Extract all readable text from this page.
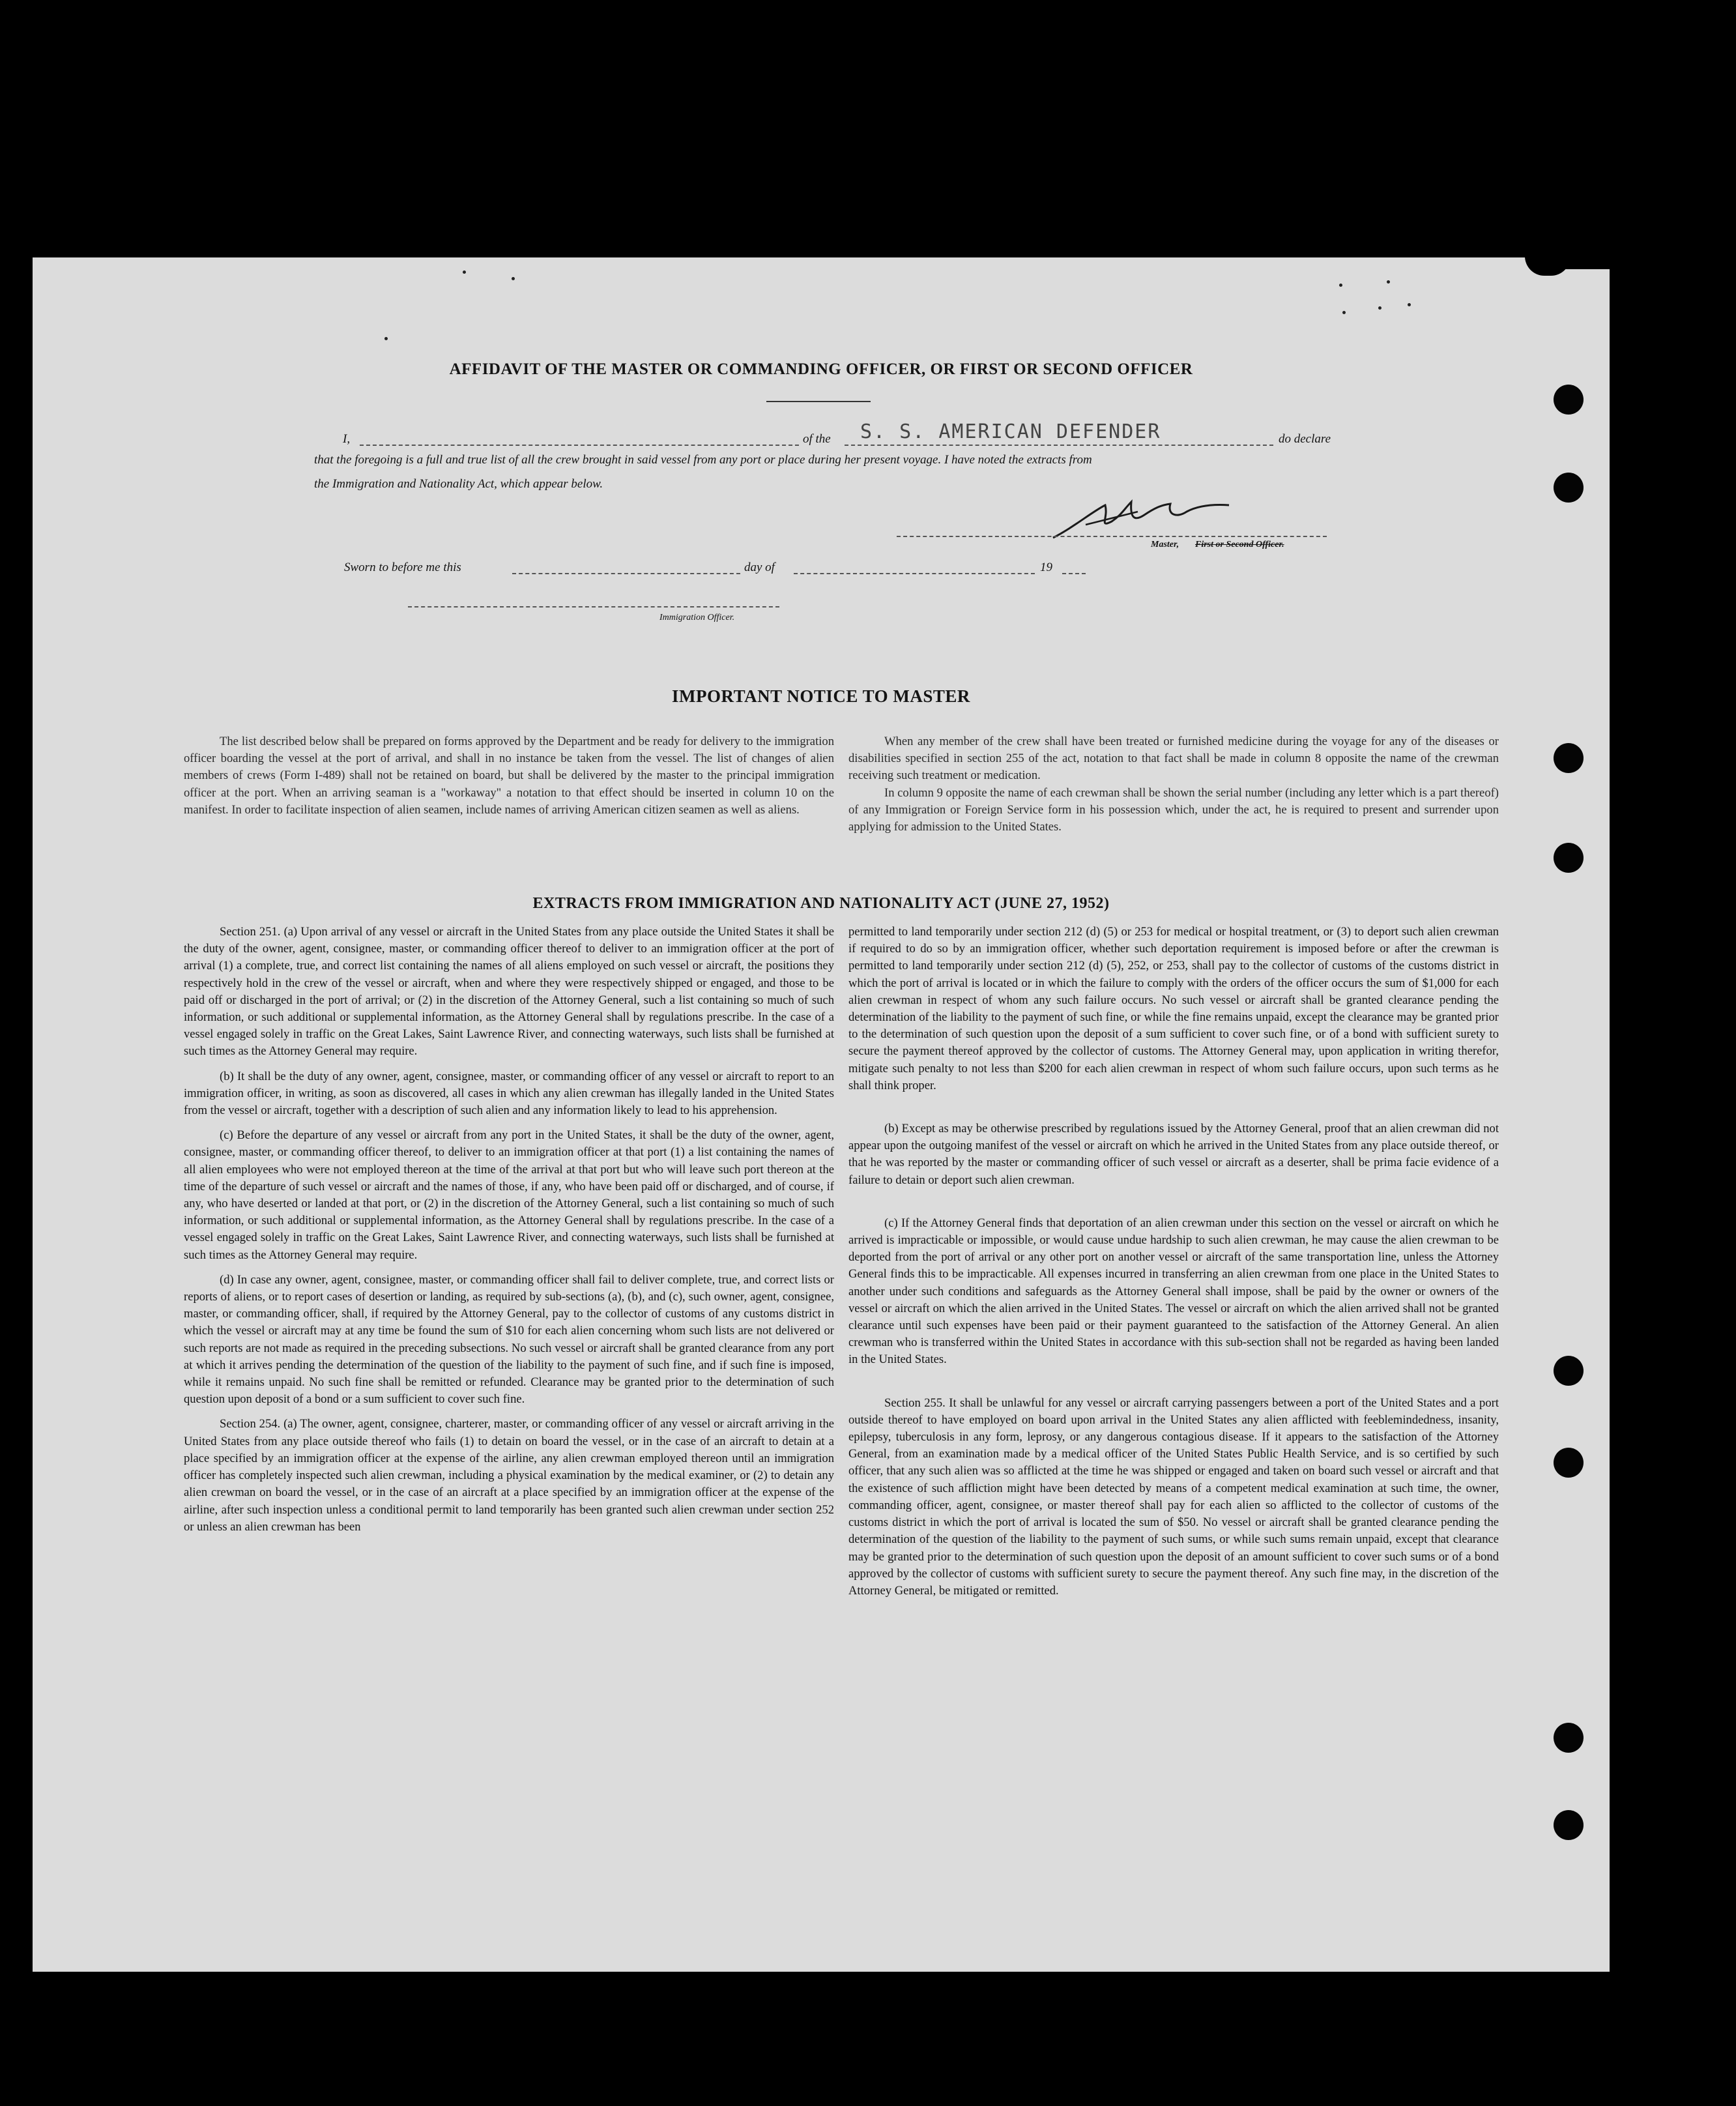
AFFIDAVIT OF THE MASTER OR COMMANDING OFFICER, OR FIRST OR SECOND OFFICER
I,	of the S. S. AMERICAN DEFENDER	do declare
that the foregoing is a full and true list of all the crew brought in said vessel from any port or place during her present voyage. I have noted the extracts from
the Immigration and Nationality Act, which appear below.
Master, First or Second Officer.
Sworn to before me this	day of	19
Immigration Officer.
IMPORTANT NOTICE TO MASTER

The list described below shall be prepared on forms approved by the Department and be ready for delivery to the immigration officer boarding the vessel at the port of arrival, and shall in no instance be taken from the vessel. The list of changes of alien members of crews (Form I-489) shall not be retained on board, but shall be delivered by the master to the principal immigration officer at the port. When an arriving seaman is a "workaway" a notation to that effect should be inserted in column 10 on the manifest. In order to facilitate inspection of alien seamen, include names of arriving American citizen seamen as well as aliens.

When any member of the crew shall have been treated or furnished medicine during the voyage for any of the diseases or disabilities specified in section 255 of the act, notation to that fact shall be made in column 8 opposite the name of the crewman receiving such treatment or medication.

In column 9 opposite the name of each crewman shall be shown the serial number (including any letter which is a part thereof) of any Immigration or Foreign Service form in his possession which, under the act, he is required to present and surrender upon applying for admission to the United States.

EXTRACTS FROM IMMIGRATION AND NATIONALITY ACT (JUNE 27, 1952)

Section 251. (a) Upon arrival of any vessel or aircraft in the United States from any place outside the United States it shall be the duty of the owner, agent, consignee, master, or commanding officer thereof to deliver to an immigration officer at the port of arrival (1) a complete, true, and correct list containing the names of all aliens employed on such vessel or aircraft, the positions they respectively hold in the crew of the vessel or aircraft, when and where they were respectively shipped or engaged, and those to be paid off or discharged in the port of arrival; or (2) in the discretion of the Attorney General, such a list containing so much of such information, or such additional or supplemental information, as the Attorney General shall by regulations prescribe. In the case of a vessel engaged solely in traffic on the Great Lakes, Saint Lawrence River, and connecting waterways, such lists shall be furnished at such times as the Attorney General may require.

(b) It shall be the duty of any owner, agent, consignee, master, or commanding officer of any vessel or aircraft to report to an immigration officer, in writing, as soon as discovered, all cases in which any alien crewman has illegally landed in the United States from the vessel or aircraft, together with a description of such alien and any information likely to lead to his apprehension.

(c) Before the departure of any vessel or aircraft from any port in the United States, it shall be the duty of the owner, agent, consignee, master, or commanding officer thereof, to deliver to an immigration officer at that port (1) a list containing the names of all alien employees who were not employed thereon at the time of the arrival at that port but who will leave such port thereon at the time of the departure of such vessel or aircraft and the names of those, if any, who have been paid off or discharged, and of course, if any, who have deserted or landed at that port, or (2) in the discretion of the Attorney General, such a list containing so much of such information, or such additional or supplemental information, as the Attorney General shall by regulations prescribe. In the case of a vessel engaged solely in traffic on the Great Lakes, Saint Lawrence River, and connecting waterways, such lists shall be furnished at such times as the Attorney General may require.

(d) In case any owner, agent, consignee, master, or commanding officer shall fail to deliver complete, true, and correct lists or reports of aliens, or to report cases of desertion or landing, as required by sub-sections (a), (b), and (c), such owner, agent, consignee, master, or commanding officer, shall, if required by the Attorney General, pay to the collector of customs of any customs district in which the vessel or aircraft may at any time be found the sum of $10 for each alien concerning whom such lists are not delivered or such reports are not made as required in the preceding subsections. No such vessel or aircraft shall be granted clearance from any port at which it arrives pending the determination of the question of the liability to the payment of such fine, and if such fine is imposed, while it remains unpaid. No such fine shall be remitted or refunded. Clearance may be granted prior to the determination of such question upon deposit of a bond or a sum sufficient to cover such fine.

Section 254. (a) The owner, agent, consignee, charterer, master, or commanding officer of any vessel or aircraft arriving in the United States from any place outside thereof who fails (1) to detain on board the vessel, or in the case of an aircraft to detain at a place specified by an immigration officer at the expense of the airline, any alien crewman employed thereon until an immigration officer has completely inspected such alien crewman, including a physical examination by the medical examiner, or (2) to detain any alien crewman on board the vessel, or in the case of an aircraft at a place specified by an immigration officer at the expense of the airline, after such inspection unless a conditional permit to land temporarily has been granted such alien crewman under section 252 or unless an alien crewman has been

permitted to land temporarily under section 212 (d) (5) or 253 for medical or hospital treatment, or (3) to deport such alien crewman if required to do so by an immigration officer, whether such deportation requirement is imposed before or after the crewman is permitted to land temporarily under section 212 (d) (5), 252, or 253, shall pay to the collector of customs of the customs district in which the port of arrival is located or in which the failure to comply with the orders of the officer occurs the sum of $1,000 for each alien crewman in respect of whom any such failure occurs. No such vessel or aircraft shall be granted clearance pending the determination of the liability to the payment of such fine, or while the fine remains unpaid, except the clearance may be granted prior to the determination of such question upon the deposit of a sum sufficient to cover such fine, or of a bond with sufficient surety to secure the payment thereof approved by the collector of customs. The Attorney General may, upon application in writing therefor, mitigate such penalty to not less than $200 for each alien crewman in respect of whom such failure occurs, upon such terms as he shall think proper.

(b) Except as may be otherwise prescribed by regulations issued by the Attorney General, proof that an alien crewman did not appear upon the outgoing manifest of the vessel or aircraft on which he arrived in the United States from any place outside thereof, or that he was reported by the master or commanding officer of such vessel or aircraft as a deserter, shall be prima facie evidence of a failure to detain or deport such alien crewman.

(c) If the Attorney General finds that deportation of an alien crewman under this section on the vessel or aircraft on which he arrived is impracticable or impossible, or would cause undue hardship to such alien crewman, he may cause the alien crewman to be deported from the port of arrival or any other port on another vessel or aircraft of the same transportation line, unless the Attorney General finds this to be impracticable. All expenses incurred in transferring an alien crewman from one place in the United States to another under such conditions and safeguards as the Attorney General shall impose, shall be paid by the owner or owners of the vessel or aircraft on which the alien arrived in the United States. The vessel or aircraft on which the alien arrived shall not be granted clearance until such expenses have been paid or their payment guaranteed to the satisfaction of the Attorney General. An alien crewman who is transferred within the United States in accordance with this sub-section shall not be regarded as having been landed in the United States.

Section 255. It shall be unlawful for any vessel or aircraft carrying passengers between a port of the United States and a port outside thereof to have employed on board upon arrival in the United States any alien afflicted with feeblemindedness, insanity, epilepsy, tuberculosis in any form, leprosy, or any dangerous contagious disease. If it appears to the satisfaction of the Attorney General, from an examination made by a medical officer of the United States Public Health Service, and is so certified by such officer, that any such alien was so afflicted at the time he was shipped or engaged and taken on board such vessel or aircraft and that the existence of such affliction might have been detected by means of a competent medical examination at such time, the owner, commanding officer, agent, consignee, or master thereof shall pay for each alien so afflicted to the collector of customs of the customs district in which the port of arrival is located the sum of $50. No vessel or aircraft shall be granted clearance pending the determination of the question of the liability to the payment of such sums, or while such sums remain unpaid, except that clearance may be granted prior to the determination of such question upon the deposit of an amount sufficient to cover such sums or of a bond approved by the collector of customs with sufficient surety to secure the payment thereof. Any such fine may, in the discretion of the Attorney General, be mitigated or remitted.
